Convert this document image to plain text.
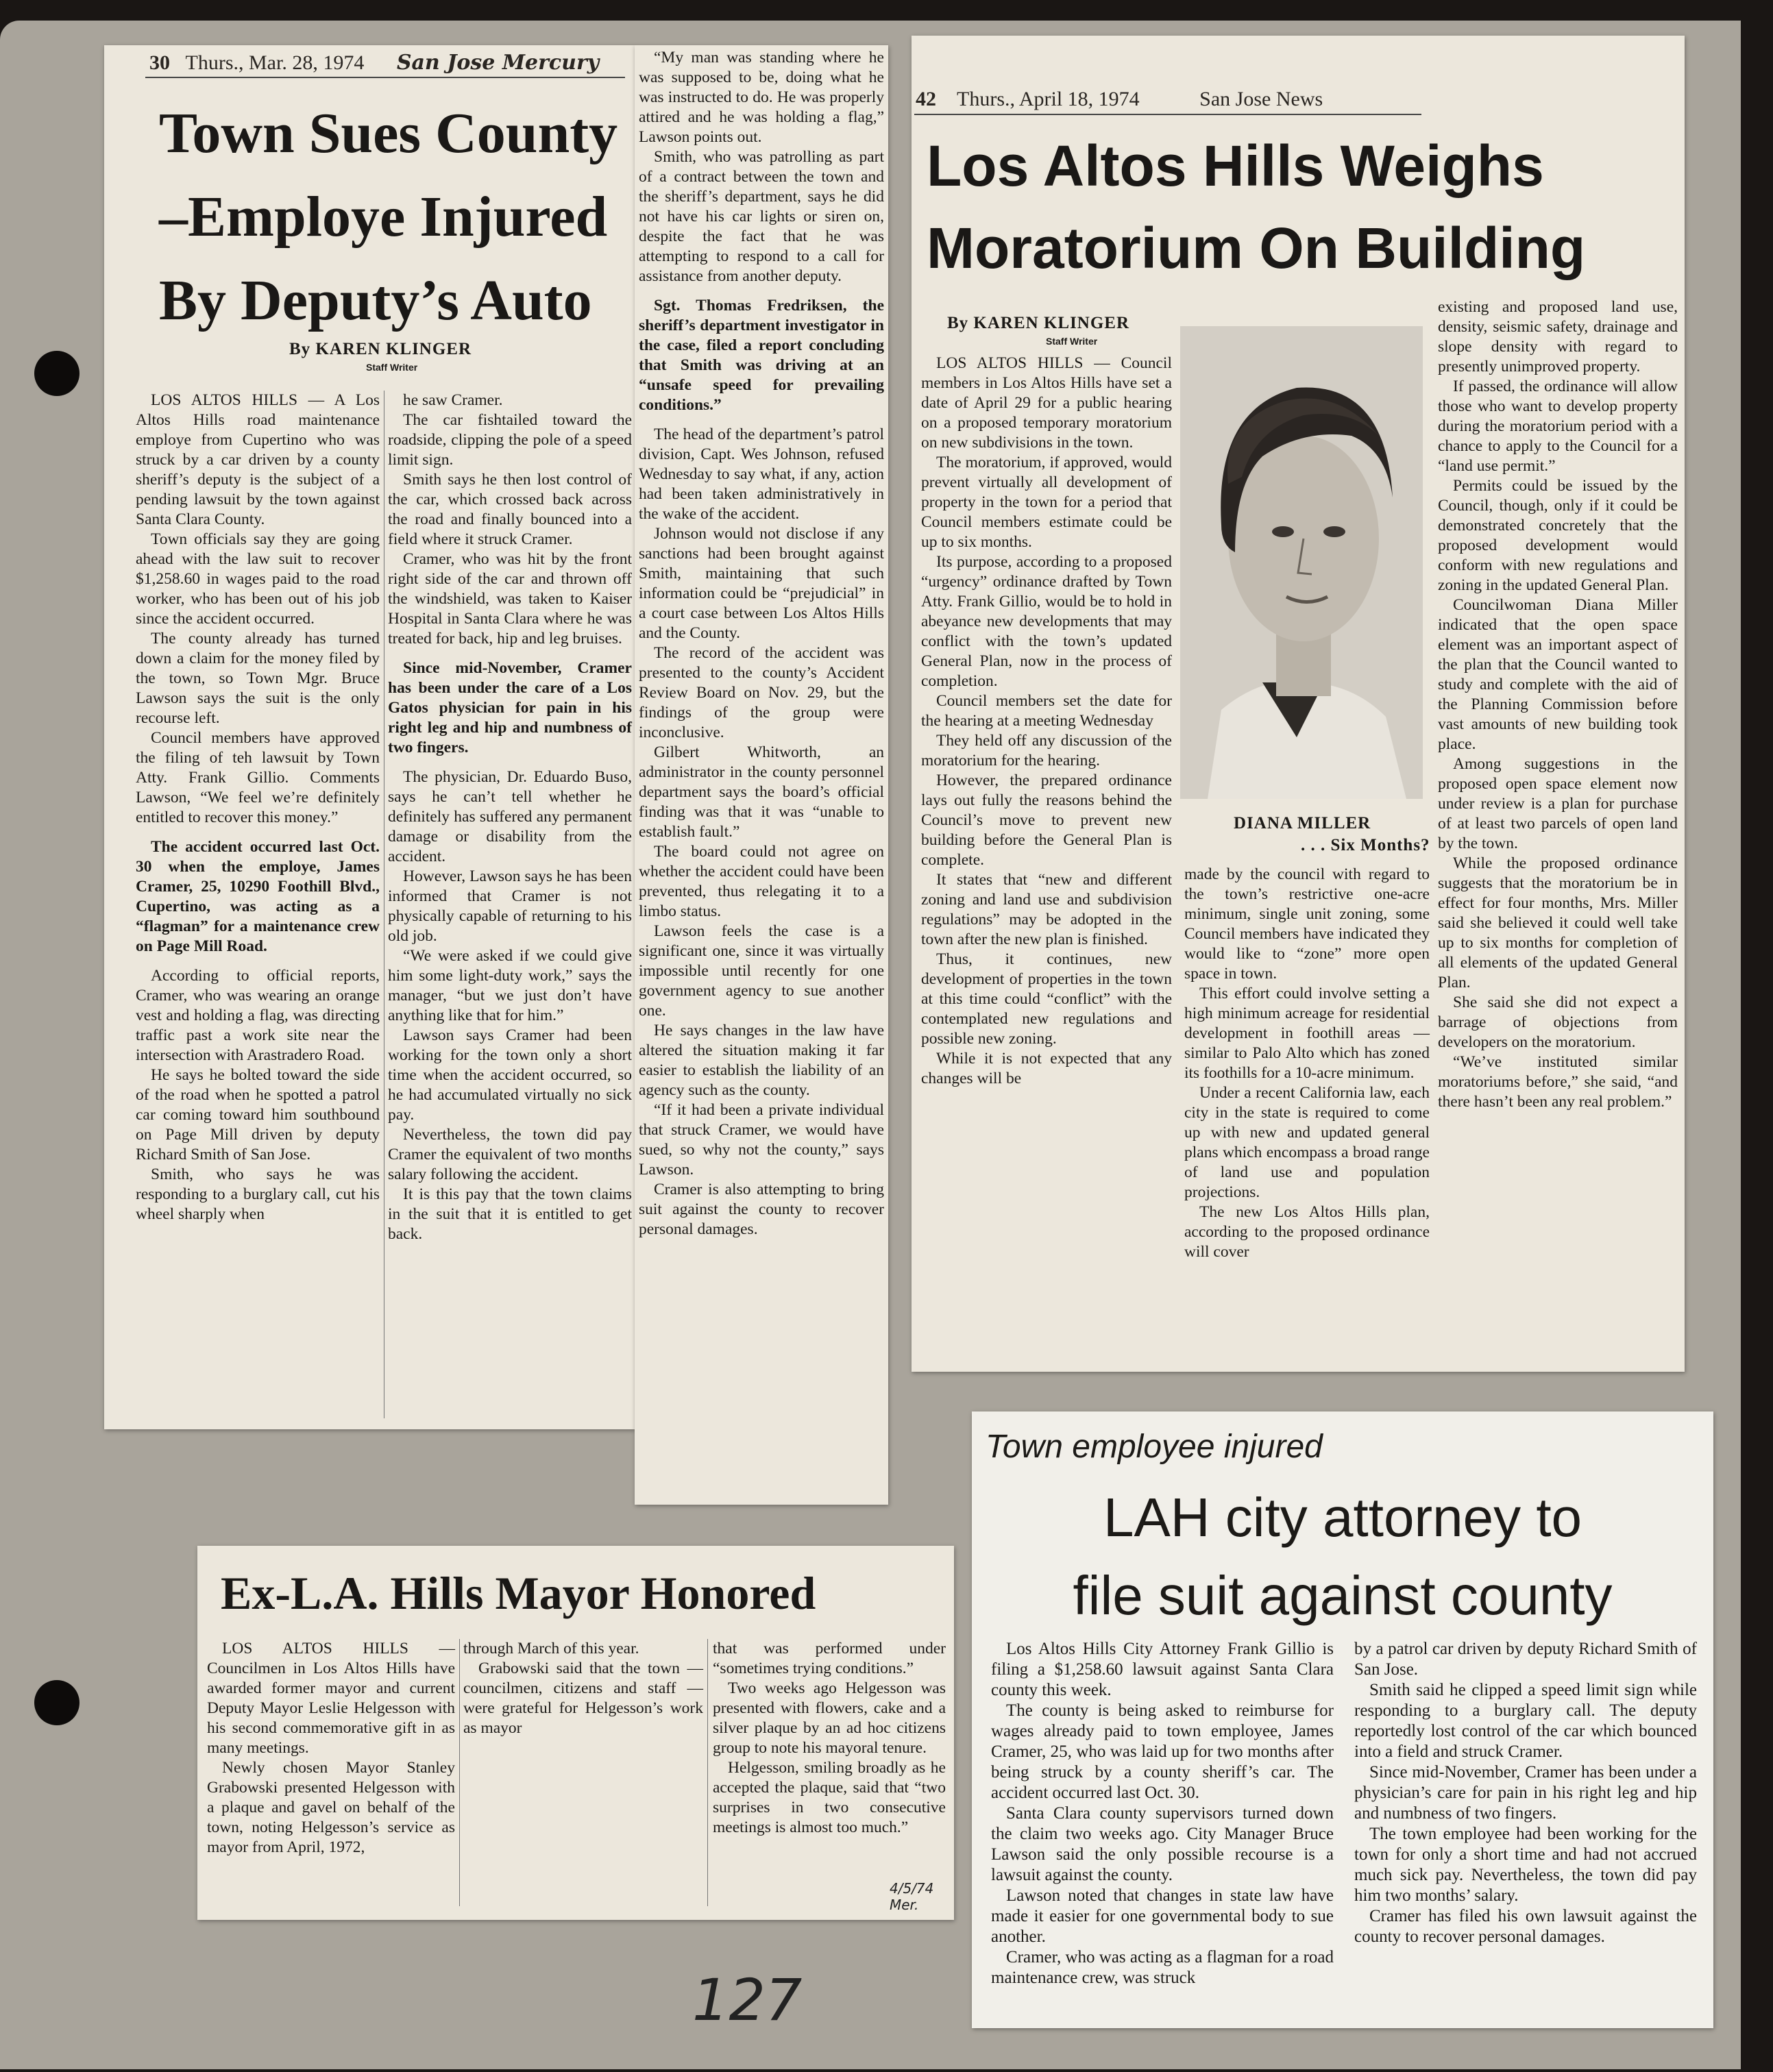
30 Thurs., Mar. 28, 1974 San Jose Mercury
Town Sues County
–Employe Injured
By Deputy’s Auto
By KAREN KLINGER
Staff Writer

LOS ALTOS HILLS — A Los Altos Hills road maintenance employe from Cupertino who was struck by a car driven by a county sheriff’s deputy is the subject of a pending lawsuit by the town against Santa Clara County.

Town officials say they are going ahead with the law suit to recover $1,258.60 in wages paid to the road worker, who has been out of his job since the accident occurred.

The county already has turned down a claim for the money filed by the town, so Town Mgr. Bruce Lawson says the suit is the only recourse left.

Council members have approved the filing of teh lawsuit by Town Atty. Frank Gillio. Comments Lawson, “We feel we’re definitely entitled to recover this money.”

The accident occurred last Oct. 30 when the employe, James Cramer, 25, 10290 Foothill Blvd., Cupertino, was acting as a “flagman” for a maintenance crew on Page Mill Road.

According to official reports, Cramer, who was wearing an orange vest and holding a flag, was directing traffic past a work site near the intersection with Arastradero Road.

He says he bolted toward the side of the road when he spotted a patrol car coming toward him southbound on Page Mill driven by deputy Richard Smith of San Jose.

Smith, who says he was responding to a burglary call, cut his wheel sharply when

he saw Cramer.

The car fishtailed toward the roadside, clipping the pole of a speed limit sign.

Smith says he then lost control of the car, which crossed back across the road and finally bounced into a field where it struck Cramer.

Cramer, who was hit by the front right side of the car and thrown off the windshield, was taken to Kaiser Hospital in Santa Clara where he was treated for back, hip and leg bruises.

Since mid-November, Cramer has been under the care of a Los Gatos physician for pain in his right leg and hip and numbness of two fingers.

The physician, Dr. Eduardo Buso, says he can’t tell whether he definitely has suffered any permanent damage or disability from the accident.

However, Lawson says he has been informed that Cramer is not physically capable of returning to his old job.

“We were asked if we could give him some light-duty work,” says the manager, “but we just don’t have anything like that for him.”

Lawson says Cramer had been working for the town only a short time when the accident occurred, so he had accumulated virtually no sick pay.

Nevertheless, the town did pay Cramer the equivalent of two months salary following the accident.

It is this pay that the town claims in the suit that it is entitled to get back.

“My man was standing where he was supposed to be, doing what he was instructed to do. He was properly attired and he was holding a flag,” Lawson points out.

Smith, who was patrolling as part of a contract between the town and the sheriff’s department, says he did not have his car lights or siren on, despite the fact that he was attempting to respond to a call for assistance from another deputy.

Sgt. Thomas Fredriksen, the sheriff’s department investigator in the case, filed a report concluding that Smith was driving at an “unsafe speed for prevailing conditions.”

The head of the department’s patrol division, Capt. Wes Johnson, refused Wednesday to say what, if any, action had been taken administratively in the wake of the accident.

Johnson would not disclose if any sanctions had been brought against Smith, maintaining that such information could be “prejudicial” in a court case between Los Altos Hills and the County.

The record of the accident was presented to the county’s Accident Review Board on Nov. 29, but the findings of the group were inconclusive.

Gilbert Whitworth, an administrator in the county personnel department says the board’s official finding was that it was “unable to establish fault.”

The board could not agree on whether the accident could have been prevented, thus relegating it to a limbo status.

Lawson feels the case is a significant one, since it was virtually impossible until recently for one government agency to sue another one.

He says changes in the law have altered the situation making it far easier to establish the liability of an agency such as the county.

“If it had been a private individual that struck Cramer, we would have sued, so why not the county,” says Lawson.

Cramer is also attempting to bring suit against the county to recover personal damages.

42 Thurs., April 18, 1974	San Jose News
Los Altos Hills Weighs
Moratorium On Building
By KAREN KLINGER
Staff Writer

LOS ALTOS HILLS — Council members in Los Altos Hills have set a date of April 29 for a public hearing on a proposed temporary moratorium on new subdivisions in the town.

The moratorium, if approved, would prevent virtually all development of property in the town for a period that Council members estimate could be up to six months.

Its purpose, according to a proposed “urgency” ordinance drafted by Town Atty. Frank Gillio, would be to hold in abeyance new developments that may conflict with the town’s updated General Plan, now in the process of completion.

Council members set the date for the hearing at a meeting Wednesday

They held off any discussion of the moratorium for the hearing.

However, the prepared ordinance lays out fully the reasons behind the Council’s move to prevent new building before the General Plan is complete.

It states that “new and different zoning and land use and subdivision regulations” may be adopted in the town after the new plan is finished.

Thus, it continues, new development of properties in the town at this time could “conflict” with the contemplated new regulations and possible new zoning.

While it is not expected that any changes will be

DIANA MILLER
. . . Six Months?

made by the council with regard to the town’s restrictive one-acre minimum, single unit zoning, some Council members have indicated they would like to “zone” more open space in town.

This effort could involve setting a high minimum acreage for residential development in foothill areas — similar to Palo Alto which has zoned its foothills for a 10-acre minimum.

Under a recent California law, each city in the state is required to come up with new and updated general plans which encompass a broad range of land use and population projections.

The new Los Altos Hills plan, according to the proposed ordinance will cover

existing and proposed land use, density, seismic safety, drainage and slope density with regard to presently unimproved property.

If passed, the ordinance will allow those who want to develop property during the moratorium period with a chance to apply to the Council for a “land use permit.”

Permits could be issued by the Council, though, only if it could be demonstrated concretely that the proposed development would conform with new regulations and zoning in the updated General Plan.

Councilwoman Diana Miller indicated that the open space element was an important aspect of the plan that the Council wanted to study and complete with the aid of the Planning Commission before vast amounts of new building took place.

Among suggestions in the proposed open space element now under review is a plan for purchase of at least two parcels of open land by the town.

While the proposed ordinance suggests that the moratorium be in effect for four months, Mrs. Miller said she believed it could well take up to six months for completion of all elements of the updated General Plan.

She said she did not expect a barrage of objections from developers on the moratorium.

“We’ve instituted similar moratoriums before,” she said, “and there hasn’t been any real problem.”

Ex-L.A. Hills Mayor Honored

LOS ALTOS HILLS — Councilmen in Los Altos Hills have awarded former mayor and current Deputy Mayor Leslie Helgesson with his second commemorative gift in as many meetings.

Newly chosen Mayor Stanley Grabowski presented Helgesson with a plaque and gavel on behalf of the town, noting Helgesson’s service as mayor from April, 1972,

through March of this year.

Grabowski said that the town — councilmen, citizens and staff — were grateful for Helgesson’s work as mayor

that was performed under “sometimes trying conditions.”

Two weeks ago Helgesson was presented with flowers, cake and a silver plaque by an ad hoc citizens group to note his mayoral tenure.

Helgesson, smiling broadly as he accepted the plaque, said that “two surprises in two consecutive meetings is almost too much.”

4/5/74 Mer.
Town employee injured
LAH city attorney to
file suit against county

Los Altos Hills City Attorney Frank Gillio is filing a $1,258.60 lawsuit against Santa Clara county this week.

The county is being asked to reimburse for wages already paid to town employee, James Cramer, 25, who was laid up for two months after being struck by a county sheriff’s car. The accident occurred last Oct. 30.

Santa Clara county supervisors turned down the claim two weeks ago. City Manager Bruce Lawson said the only possible recourse is a lawsuit against the county.

Lawson noted that changes in state law have made it easier for one governmental body to sue another.

Cramer, who was acting as a flagman for a road maintenance crew, was struck

by a patrol car driven by deputy Richard Smith of San Jose.

Smith said he clipped a speed limit sign while responding to a burglary call. The deputy reportedly lost control of the car which bounced into a field and struck Cramer.

Since mid-November, Cramer has been under a physician’s care for pain in his right leg and hip and numbness of two fingers.

The town employee had been working for the town for only a short time and had not accrued much sick pay. Nevertheless, the town did pay him two months’ salary.

Cramer has filed his own lawsuit against the county to recover personal damages.

127
